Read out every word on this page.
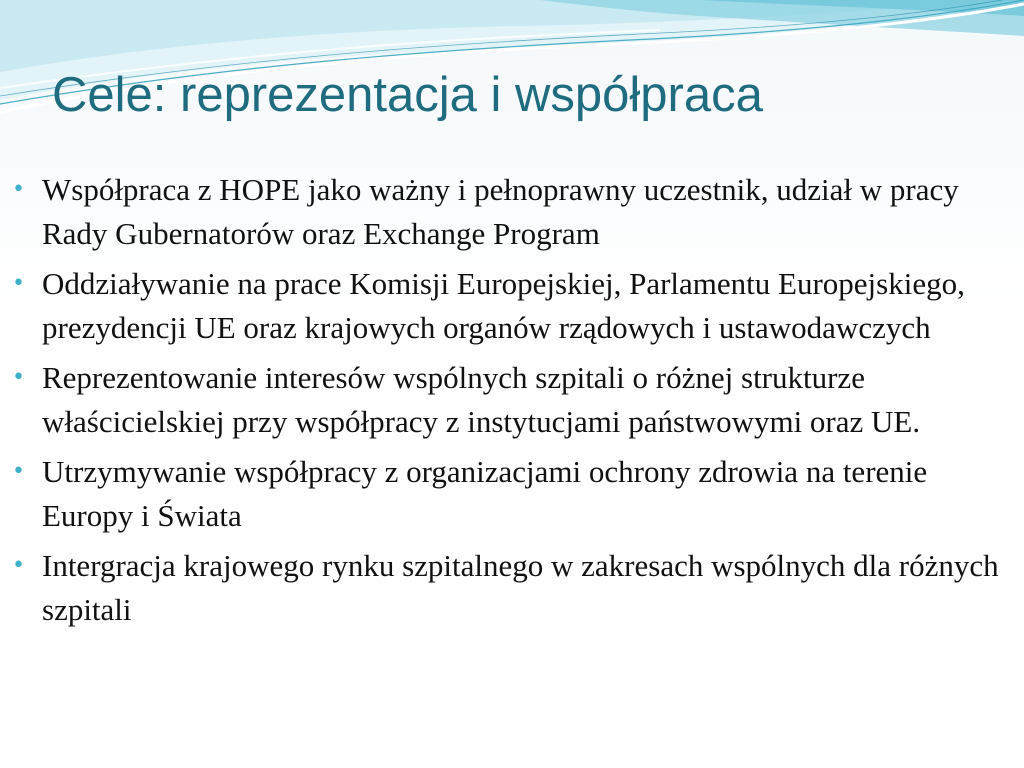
Cele: reprezentacja i współpraca
• Współpraca z HOPE jako ważny i pełnoprawny uczestnik, udział w pracy Rady Gubernatorów oraz Exchange Program
• Oddziaływanie na prace Komisji Europejskiej, Parlamentu Europejskiego, prezydencji UE oraz krajowych organów rządowych i ustawodawczych
• Reprezentowanie interesów wspólnych szpitali o różnej strukturze właścicielskiej przy współpracy z instytucjami państwowymi oraz UE.
• Utrzymywanie współpracy z organizacjami ochrony zdrowia na terenie Europy i Świata
• Intergracja krajowego rynku szpitalnego w zakresach wspólnych dla różnych szpitali
